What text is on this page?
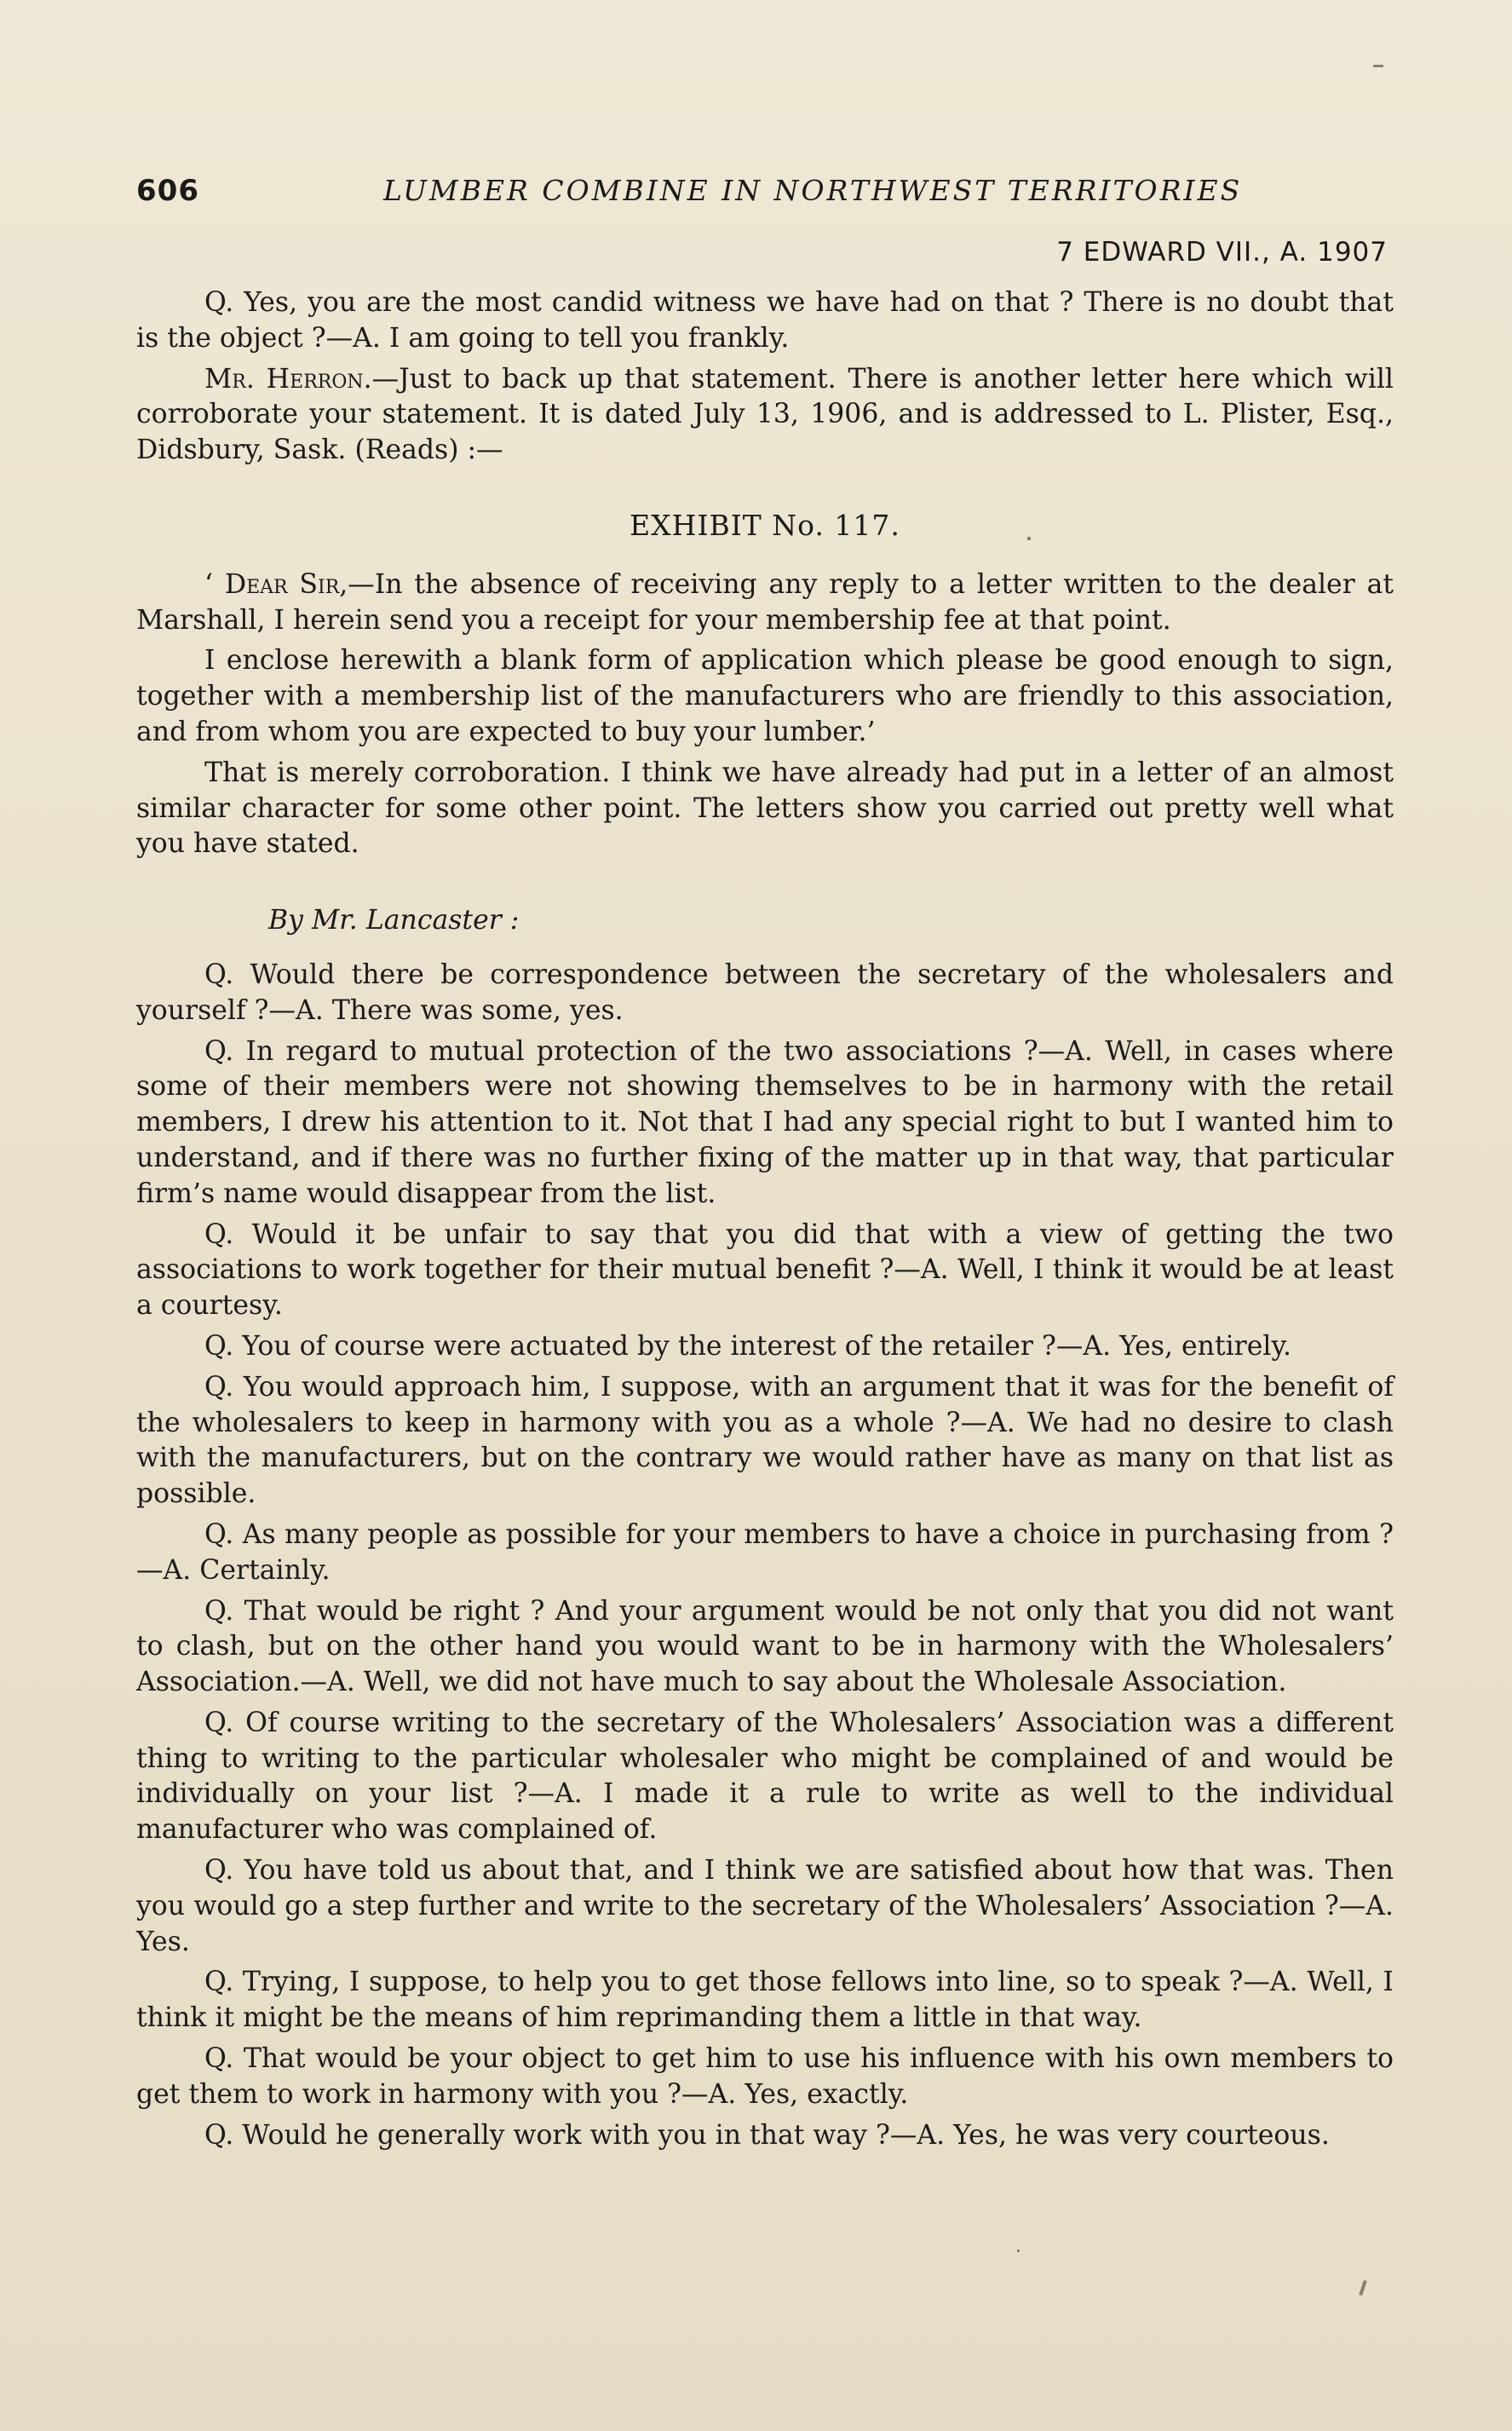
606	LUMBER COMBINE IN NORTHWEST TERRITORIES
7 EDWARD VII., A. 1907

Q. Yes, you are the most candid witness we have had on that ? There is no doubt that is the object ?—A. I am going to tell you frankly.

Mr. Herron.—Just to back up that statement. There is another letter here which will corroborate your statement. It is dated July 13, 1906, and is addressed to L. Plister, Esq., Didsbury, Sask. (Reads) :—

EXHIBIT No. 117.

‘ Dear Sir,—In the absence of receiving any reply to a letter written to the dealer at Marshall, I herein send you a receipt for your membership fee at that point.

I enclose herewith a blank form of application which please be good enough to sign, together with a membership list of the manufacturers who are friendly to this association, and from whom you are expected to buy your lumber.’

That is merely corroboration. I think we have already had put in a letter of an almost similar character for some other point. The letters show you carried out pretty well what you have stated.

By Mr. Lancaster :

Q. Would there be correspondence between the secretary of the wholesalers and yourself ?—A. There was some, yes.

Q. In regard to mutual protection of the two associations ?—A. Well, in cases where some of their members were not showing themselves to be in harmony with the retail members, I drew his attention to it. Not that I had any special right to but I wanted him to understand, and if there was no further fixing of the matter up in that way, that particular firm’s name would disappear from the list.

Q. Would it be unfair to say that you did that with a view of getting the two associations to work together for their mutual benefit ?—A. Well, I think it would be at least a courtesy.

Q. You of course were actuated by the interest of the retailer ?—A. Yes, entirely.

Q. You would approach him, I suppose, with an argument that it was for the benefit of the wholesalers to keep in harmony with you as a whole ?—A. We had no desire to clash with the manufacturers, but on the contrary we would rather have as many on that list as possible.

Q. As many people as possible for your members to have a choice in purchasing from ?—A. Certainly.

Q. That would be right ? And your argument would be not only that you did not want to clash, but on the other hand you would want to be in harmony with the Wholesalers’ Association.—A. Well, we did not have much to say about the Wholesale Association.

Q. Of course writing to the secretary of the Wholesalers’ Association was a different thing to writing to the particular wholesaler who might be complained of and would be individually on your list ?—A. I made it a rule to write as well to the individual manufacturer who was complained of.

Q. You have told us about that, and I think we are satisfied about how that was. Then you would go a step further and write to the secretary of the Wholesalers’ Association ?—A. Yes.

Q. Trying, I suppose, to help you to get those fellows into line, so to speak ?—A. Well, I think it might be the means of him reprimanding them a little in that way.

Q. That would be your object to get him to use his influence with his own members to get them to work in harmony with you ?—A. Yes, exactly.

Q. Would he generally work with you in that way ?—A. Yes, he was very courteous.
